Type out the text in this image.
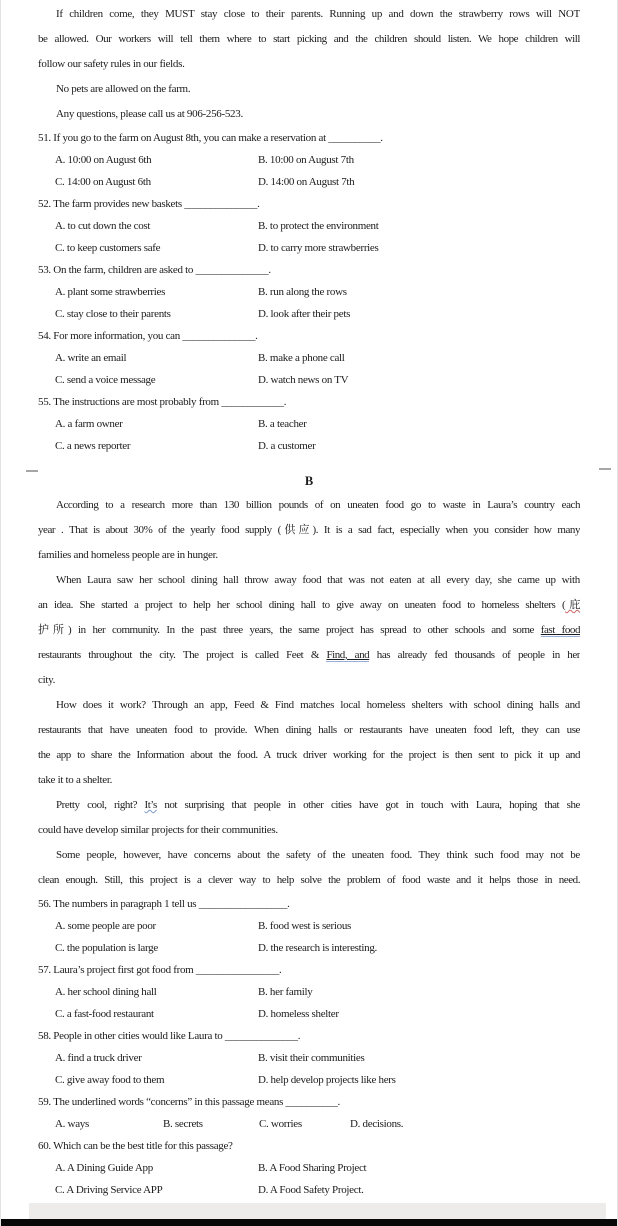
If children come, they MUST stay close to their parents. Running up and down the strawberry rows will NOT
be allowed. Our workers will tell them where to start picking and the children should listen. We hope children will
follow our safety rules in our fields.
No pets are allowed on the farm.
Any questions, please call us at 906-256-523.
51. If you go to the farm on August 8th, you can make a reservation at __________.
A. 10:00 on August 6th	B. 10:00 on August 7th
C. 14:00 on August 6th	D. 14:00 on August 7th
52. The farm provides new baskets ______________.
A. to cut down the cost	B. to protect the environment
C. to keep customers safe	D. to carry more strawberries
53. On the farm, children are asked to ______________.
A. plant some strawberries	B. run along the rows
C. stay close to their parents	D. look after their pets
54. For more information, you can ______________.
A. write an email	B. make a phone call
C. send a voice message	D. watch news on TV
55. The instructions are most probably from ____________.
A. a farm owner	B. a teacher
C. a news reporter	D. a customer
B
According to a research more than 130 billion pounds of on uneaten food go to waste in Laura’s country each
year . That is about 30% of the yearly food supply (供应). It is a sad fact, especially when you consider how many
families and homeless people are in hunger.
When Laura saw her school dining hall throw away food that was not eaten at all every day, she came up with
an idea. She started a project to help her school dining hall to give away on uneaten food to homeless shelters (庇
护所) in her community. In the past three years, the same project has spread to other schools and some fast food
restaurants throughout the city. The project is called Feet & Find, and has already fed thousands of people in her
city.
How does it work? Through an app, Feed & Find matches local homeless shelters with school dining halls and
restaurants that have uneaten food to provide. When dining halls or restaurants have uneaten food left, they can use
the app to share the Information about the food. A truck driver working for the project is then sent to pick it up and
take it to a shelter.
Pretty cool, right? It’s not surprising that people in other cities have got in touch with Laura, hoping that she
could have develop similar projects for their communities.
Some people, however, have concerns about the safety of the uneaten food. They think such food may not be
clean enough. Still, this project is a clever way to help solve the problem of food waste and it helps those in need.
56. The numbers in paragraph 1 tell us _________________.
A. some people are poor	B. food west is serious
C. the population is large	D. the research is interesting.
57. Laura’s project first got food from ________________.
A. her school dining hall	B. her family
C. a fast-food restaurant	D. homeless shelter
58. People in other cities would like Laura to ______________.
A. find a truck driver	B. visit their communities
C. give away food to them	D. help develop projects like hers
59. The underlined words “concerns” in this passage means __________.
A. ways	B. secrets	C. worries	D. decisions.
60. Which can be the best title for this passage?
A. A Dining Guide App	B. A Food Sharing Project
C. A Driving Service APP	D. A Food Safety Project.
